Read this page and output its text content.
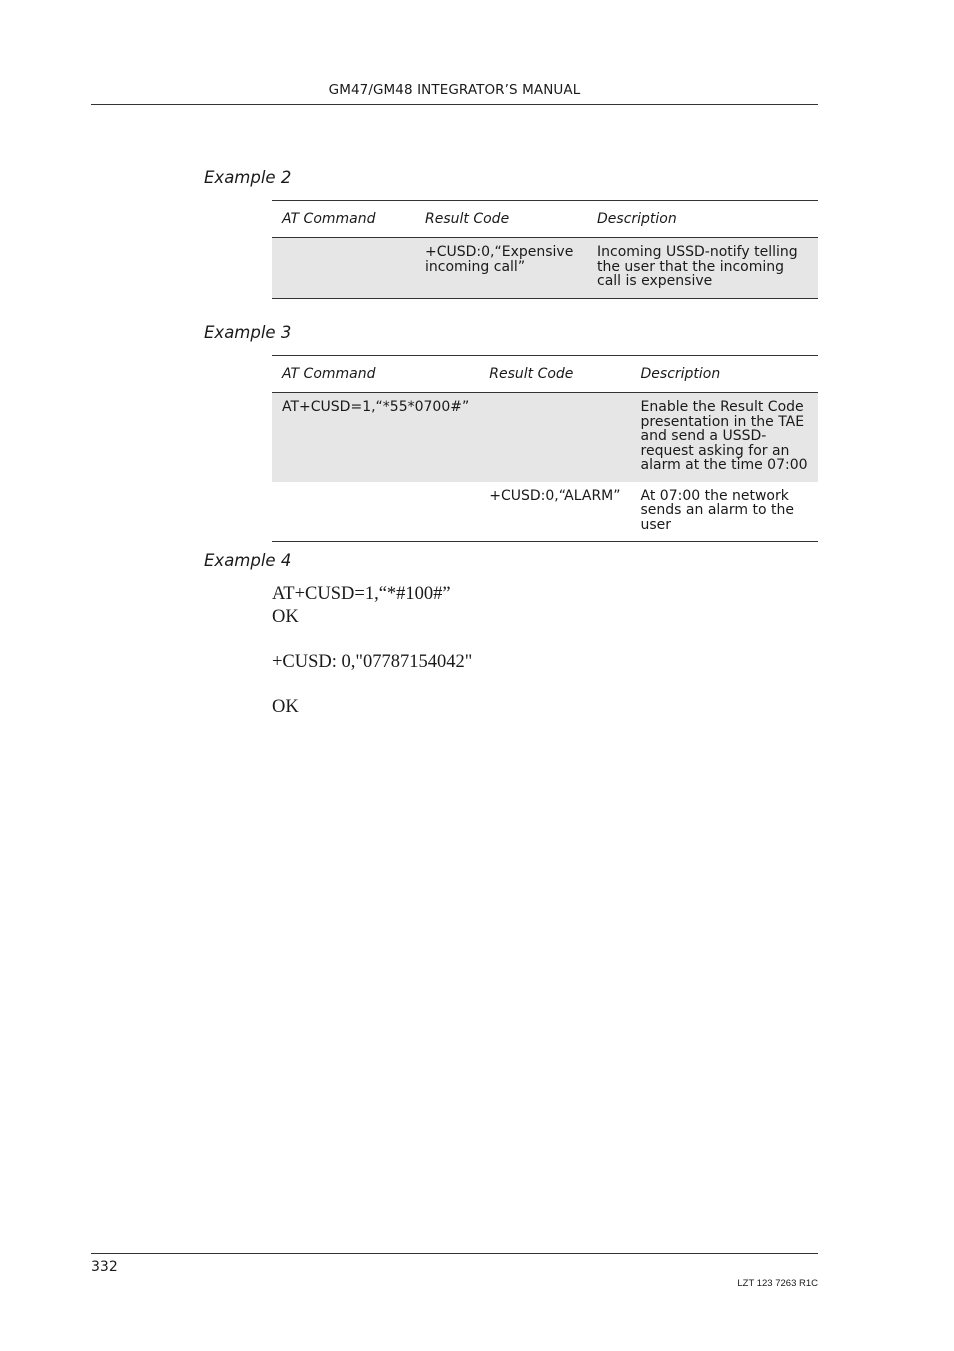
GM47/GM48 INTEGRATOR’S MANUAL
Example 2
AT Command	Result Code	Description
	+CUSD:0,“Expensive incoming call”	Incoming USSD-notify telling the user that the incoming call is expensive
Example 3
AT Command	Result Code	Description
AT+CUSD=1,“*55*0700#”		Enable the Result Code presentation in the TAE and send a USSD-request asking for an alarm at the time 07:00
	+CUSD:0,“ALARM”	At 07:00 the network sends an alarm to the user
Example 4
AT+CUSD=1,“*#100#”
OK
+CUSD: 0,"07787154042"
OK
332
LZT 123 7263 R1C
